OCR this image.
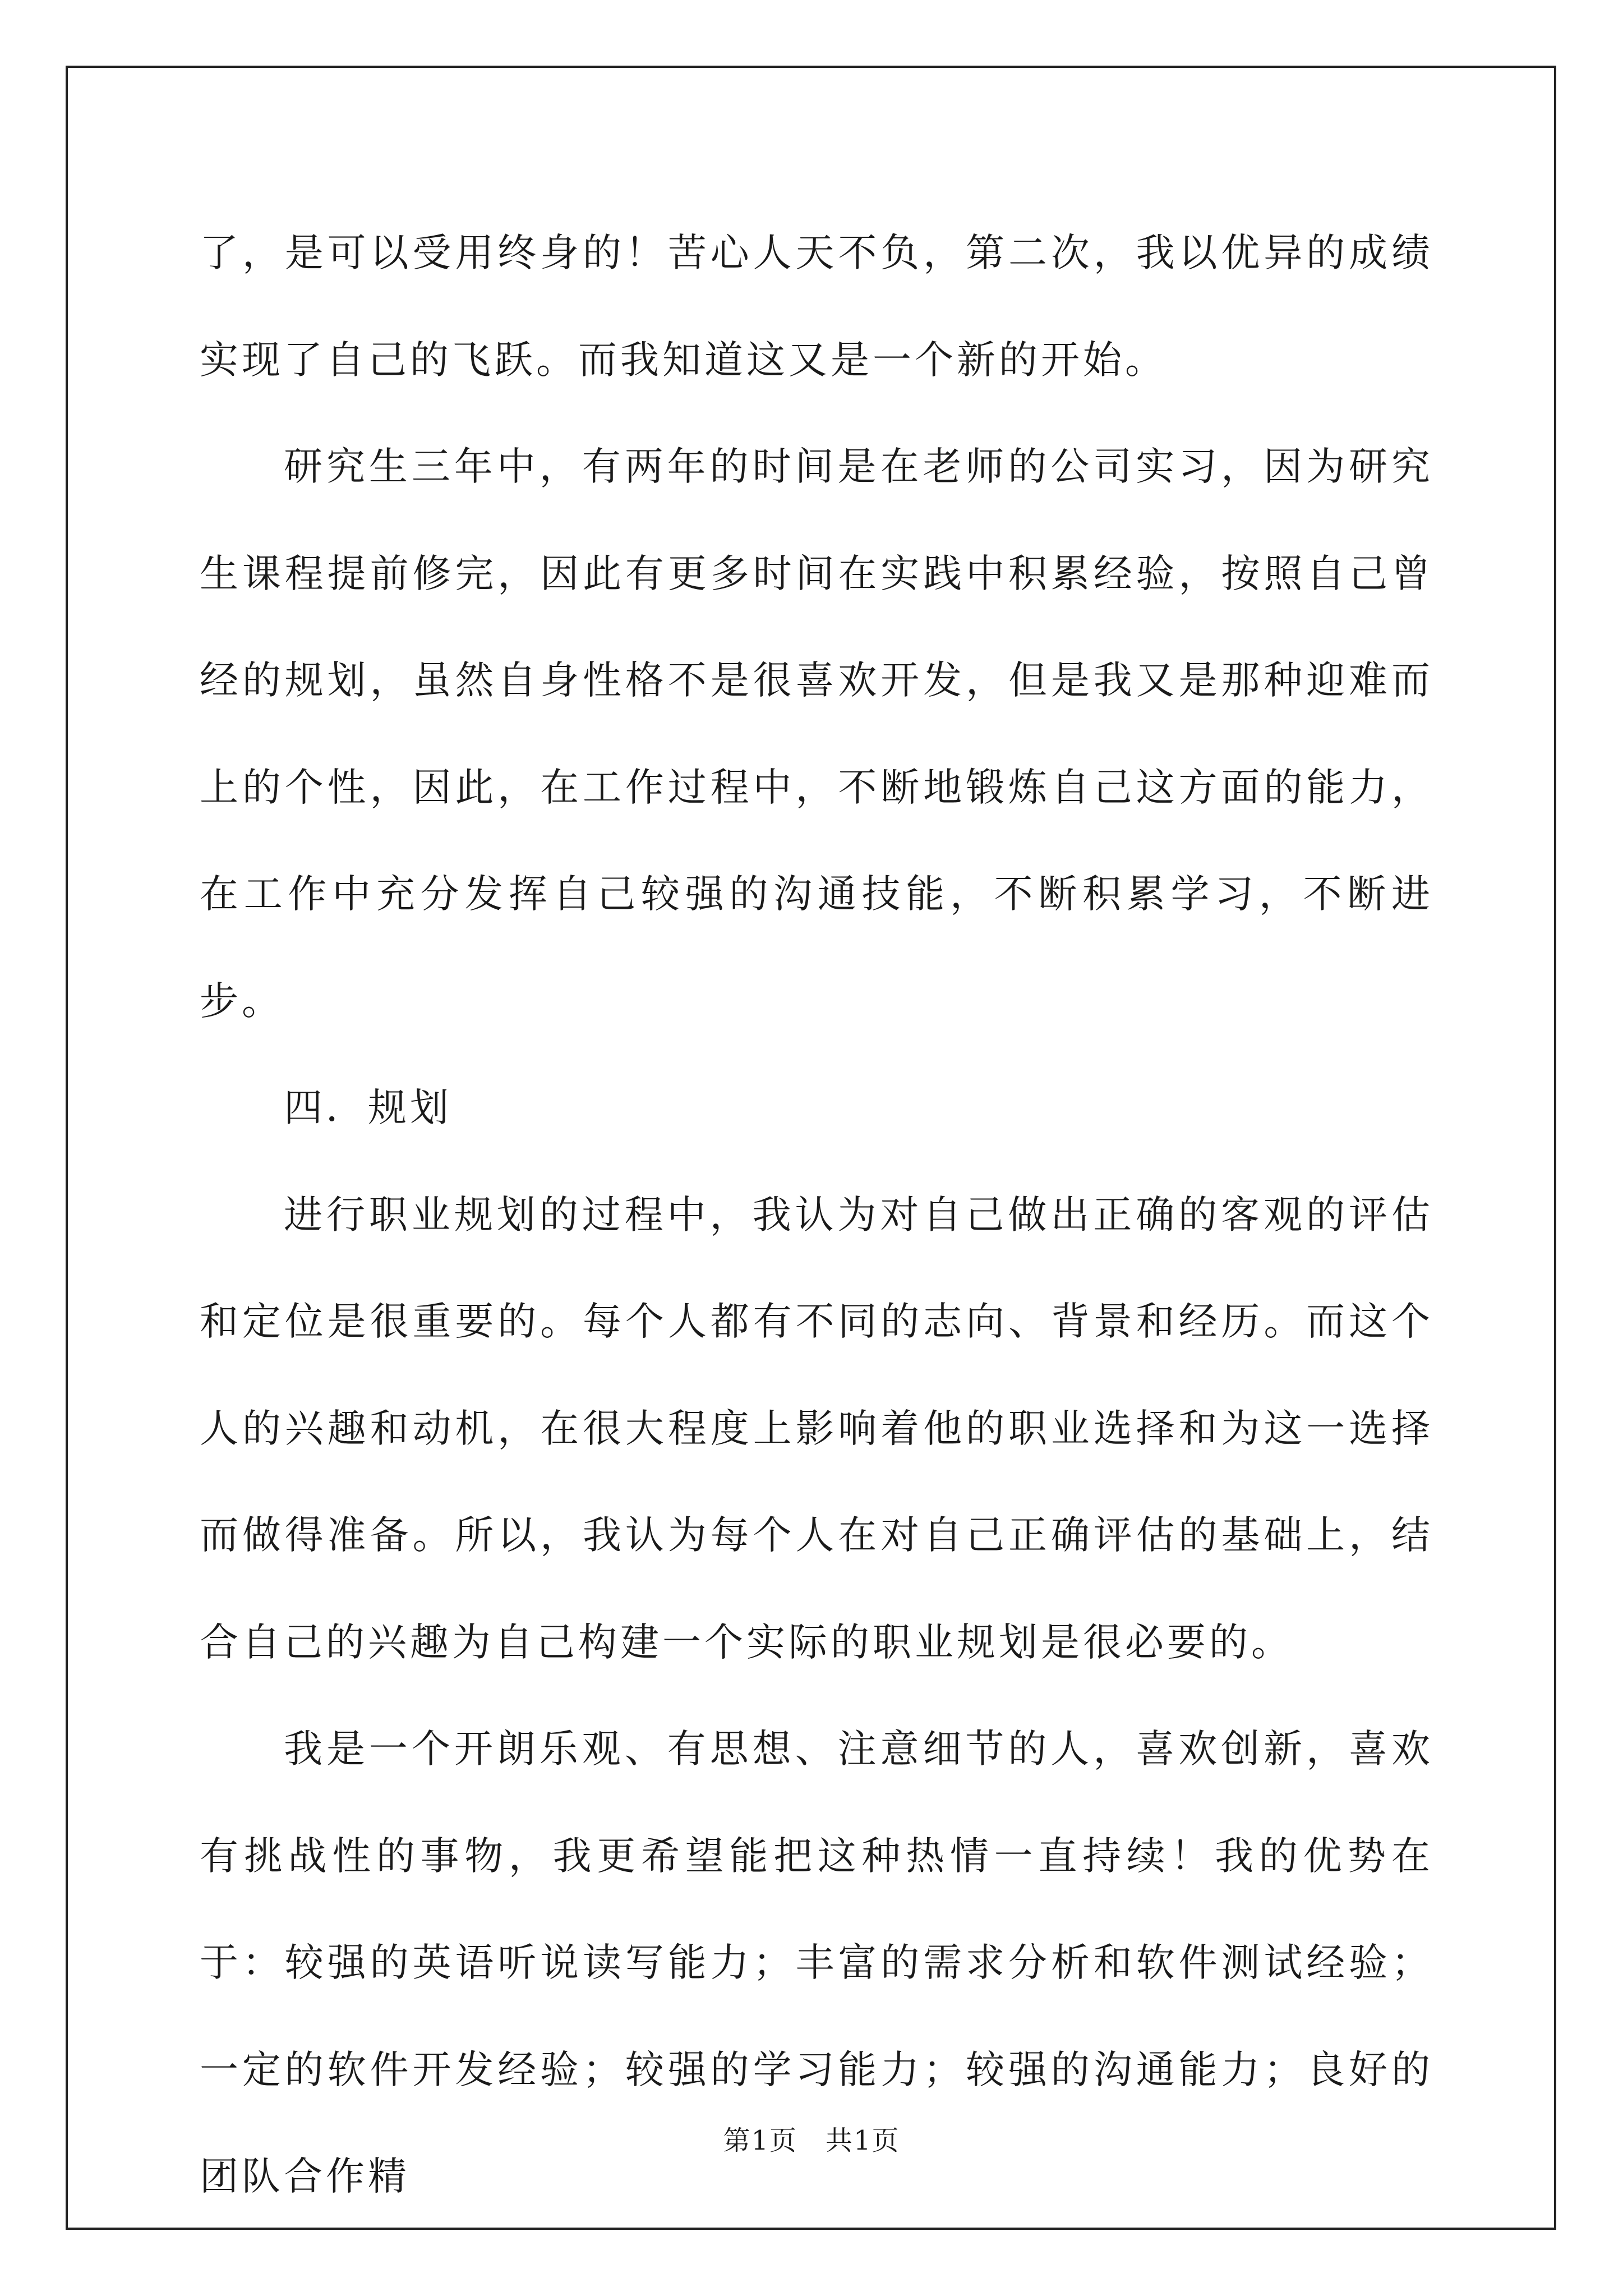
了，是可以受用终身的！苦心人天不负，第二次，我以优异的成绩实现了自己的飞跃。而我知道这又是一个新的开始。

研究生三年中，有两年的时间是在老师的公司实习，因为研究生课程提前修完，因此有更多时间在实践中积累经验，按照自己曾经的规划，虽然自身性格不是很喜欢开发，但是我又是那种迎难而上的个性，因此，在工作过程中，不断地锻炼自己这方面的能力，在工作中充分发挥自己较强的沟通技能，不断积累学习，不断进步。

四．规划

进行职业规划的过程中，我认为对自己做出正确的客观的评估和定位是很重要的。每个人都有不同的志向、背景和经历。而这个人的兴趣和动机，在很大程度上影响着他的职业选择和为这一选择而做得准备。所以，我认为每个人在对自己正确评估的基础上，结合自己的兴趣为自己构建一个实际的职业规划是很必要的。

我是一个开朗乐观、有思想、注意细节的人，喜欢创新，喜欢有挑战性的事物，我更希望能把这种热情一直持续！我的优势在于：较强的英语听说读写能力；丰富的需求分析和软件测试经验；一定的软件开发经验；较强的学习能力；较强的沟通能力；良好的团队合作精

第1页 共1页
